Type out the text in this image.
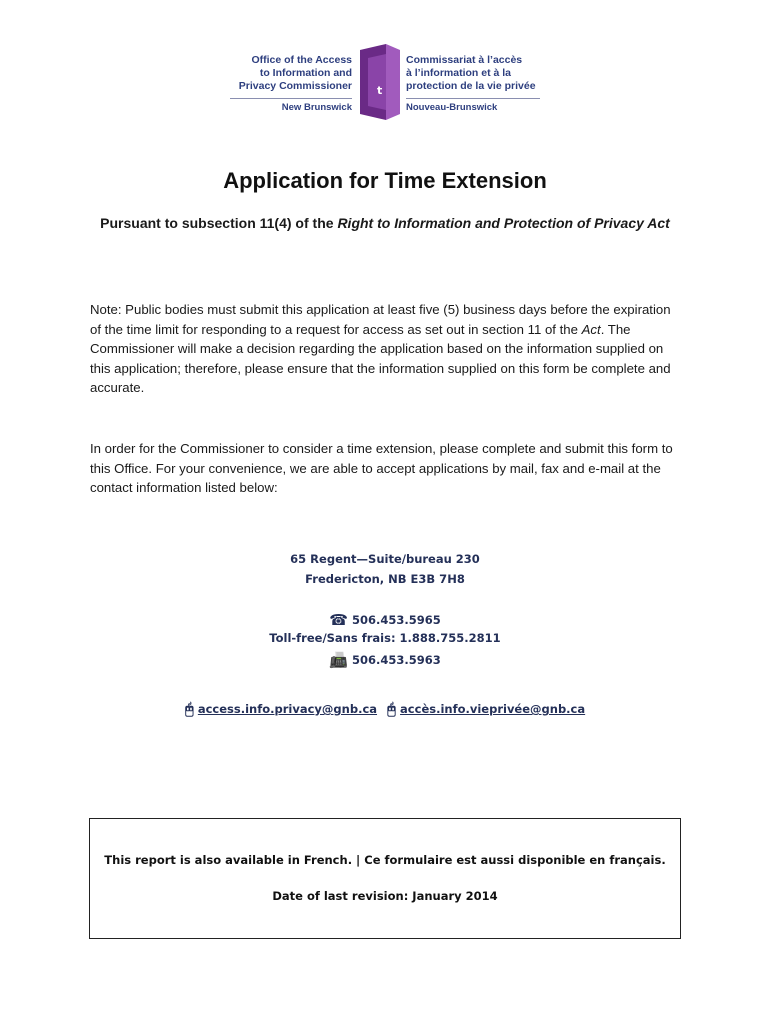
Office of the Access
to Information and
Privacy Commissioner
New Brunswick
t
Commissariat à l’accès
à l’information et à la
protection de la vie privée
Nouveau-Brunswick
Application for Time Extension
Pursuant to subsection 11(4) of the Right to Information and Protection of Privacy Act
Note: Public bodies must submit this application at least five (5) business days before the expiration of the time limit for responding to a request for access as set out in section 11 of the Act. The Commissioner will make a decision regarding the application based on the information supplied on this application; therefore, please ensure that the information supplied on this form be complete and accurate.
In order for the Commissioner to consider a time extension, please complete and submit this form to this Office. For your convenience, we are able to accept applications by mail, fax and e-mail at the contact information listed below:
65 Regent—Suite/bureau 230
Fredericton, NB E3B 7H8
☎ 506.453.5965
Toll-free/Sans frais: 1.888.755.2811
📠 506.453.5963
🖰 access.info.privacy@gnb.ca 🖰 accès.info.vieprivée@gnb.ca
This report is also available in French. | Ce formulaire est aussi disponible en français.
Date of last revision: January 2014
